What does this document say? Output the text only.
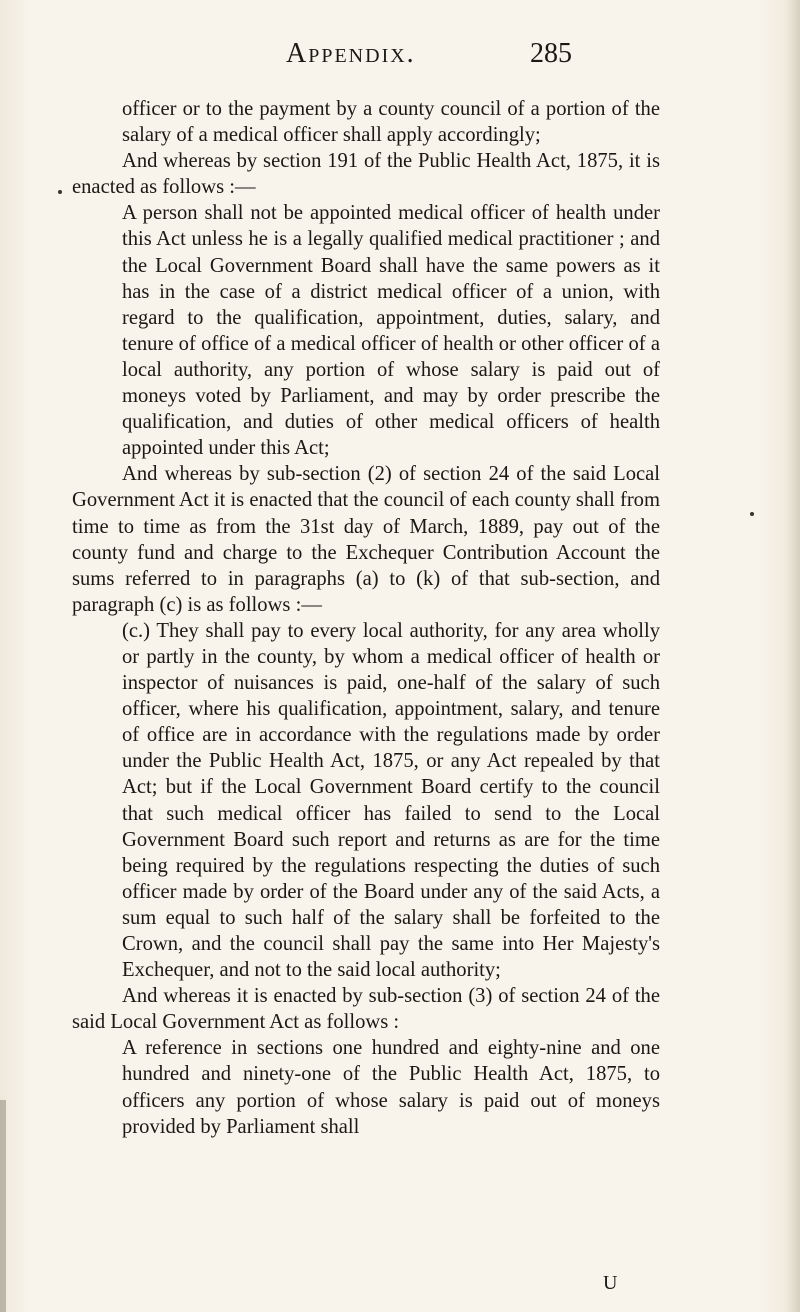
Appendix.	285

officer or to the payment by a county council of a portion of the salary of a medical officer shall apply accordingly;

And whereas by section 191 of the Public Health Act, 1875, it is enacted as follows :—

A person shall not be appointed medical officer of health under this Act unless he is a legally qualified medical practitioner ; and the Local Government Board shall have the same powers as it has in the case of a district medical officer of a union, with regard to the qualification, appointment, duties, salary, and tenure of office of a medical officer of health or other officer of a local authority, any portion of whose salary is paid out of moneys voted by Parliament, and may by order prescribe the qualification, and duties of other medical officers of health appointed under this Act;

And whereas by sub-section (2) of section 24 of the said Local Government Act it is enacted that the council of each county shall from time to time as from the 31st day of March, 1889, pay out of the county fund and charge to the Exchequer Contribution Account the sums referred to in paragraphs (a) to (k) of that sub-section, and paragraph (c) is as follows :—

(c.) They shall pay to every local authority, for any area wholly or partly in the county, by whom a medical officer of health or inspector of nuisances is paid, one-half of the salary of such officer, where his qualification, appointment, salary, and tenure of office are in accordance with the regulations made by order under the Public Health Act, 1875, or any Act repealed by that Act; but if the Local Government Board certify to the council that such medical officer has failed to send to the Local Government Board such report and returns as are for the time being required by the regulations respecting the duties of such officer made by order of the Board under any of the said Acts, a sum equal to such half of the salary shall be forfeited to the Crown, and the council shall pay the same into Her Majesty's Exchequer, and not to the said local authority;

And whereas it is enacted by sub-section (3) of section 24 of the said Local Government Act as follows :

A reference in sections one hundred and eighty-nine and one hundred and ninety-one of the Public Health Act, 1875, to officers any portion of whose salary is paid out of moneys provided by Parliament shall

U
